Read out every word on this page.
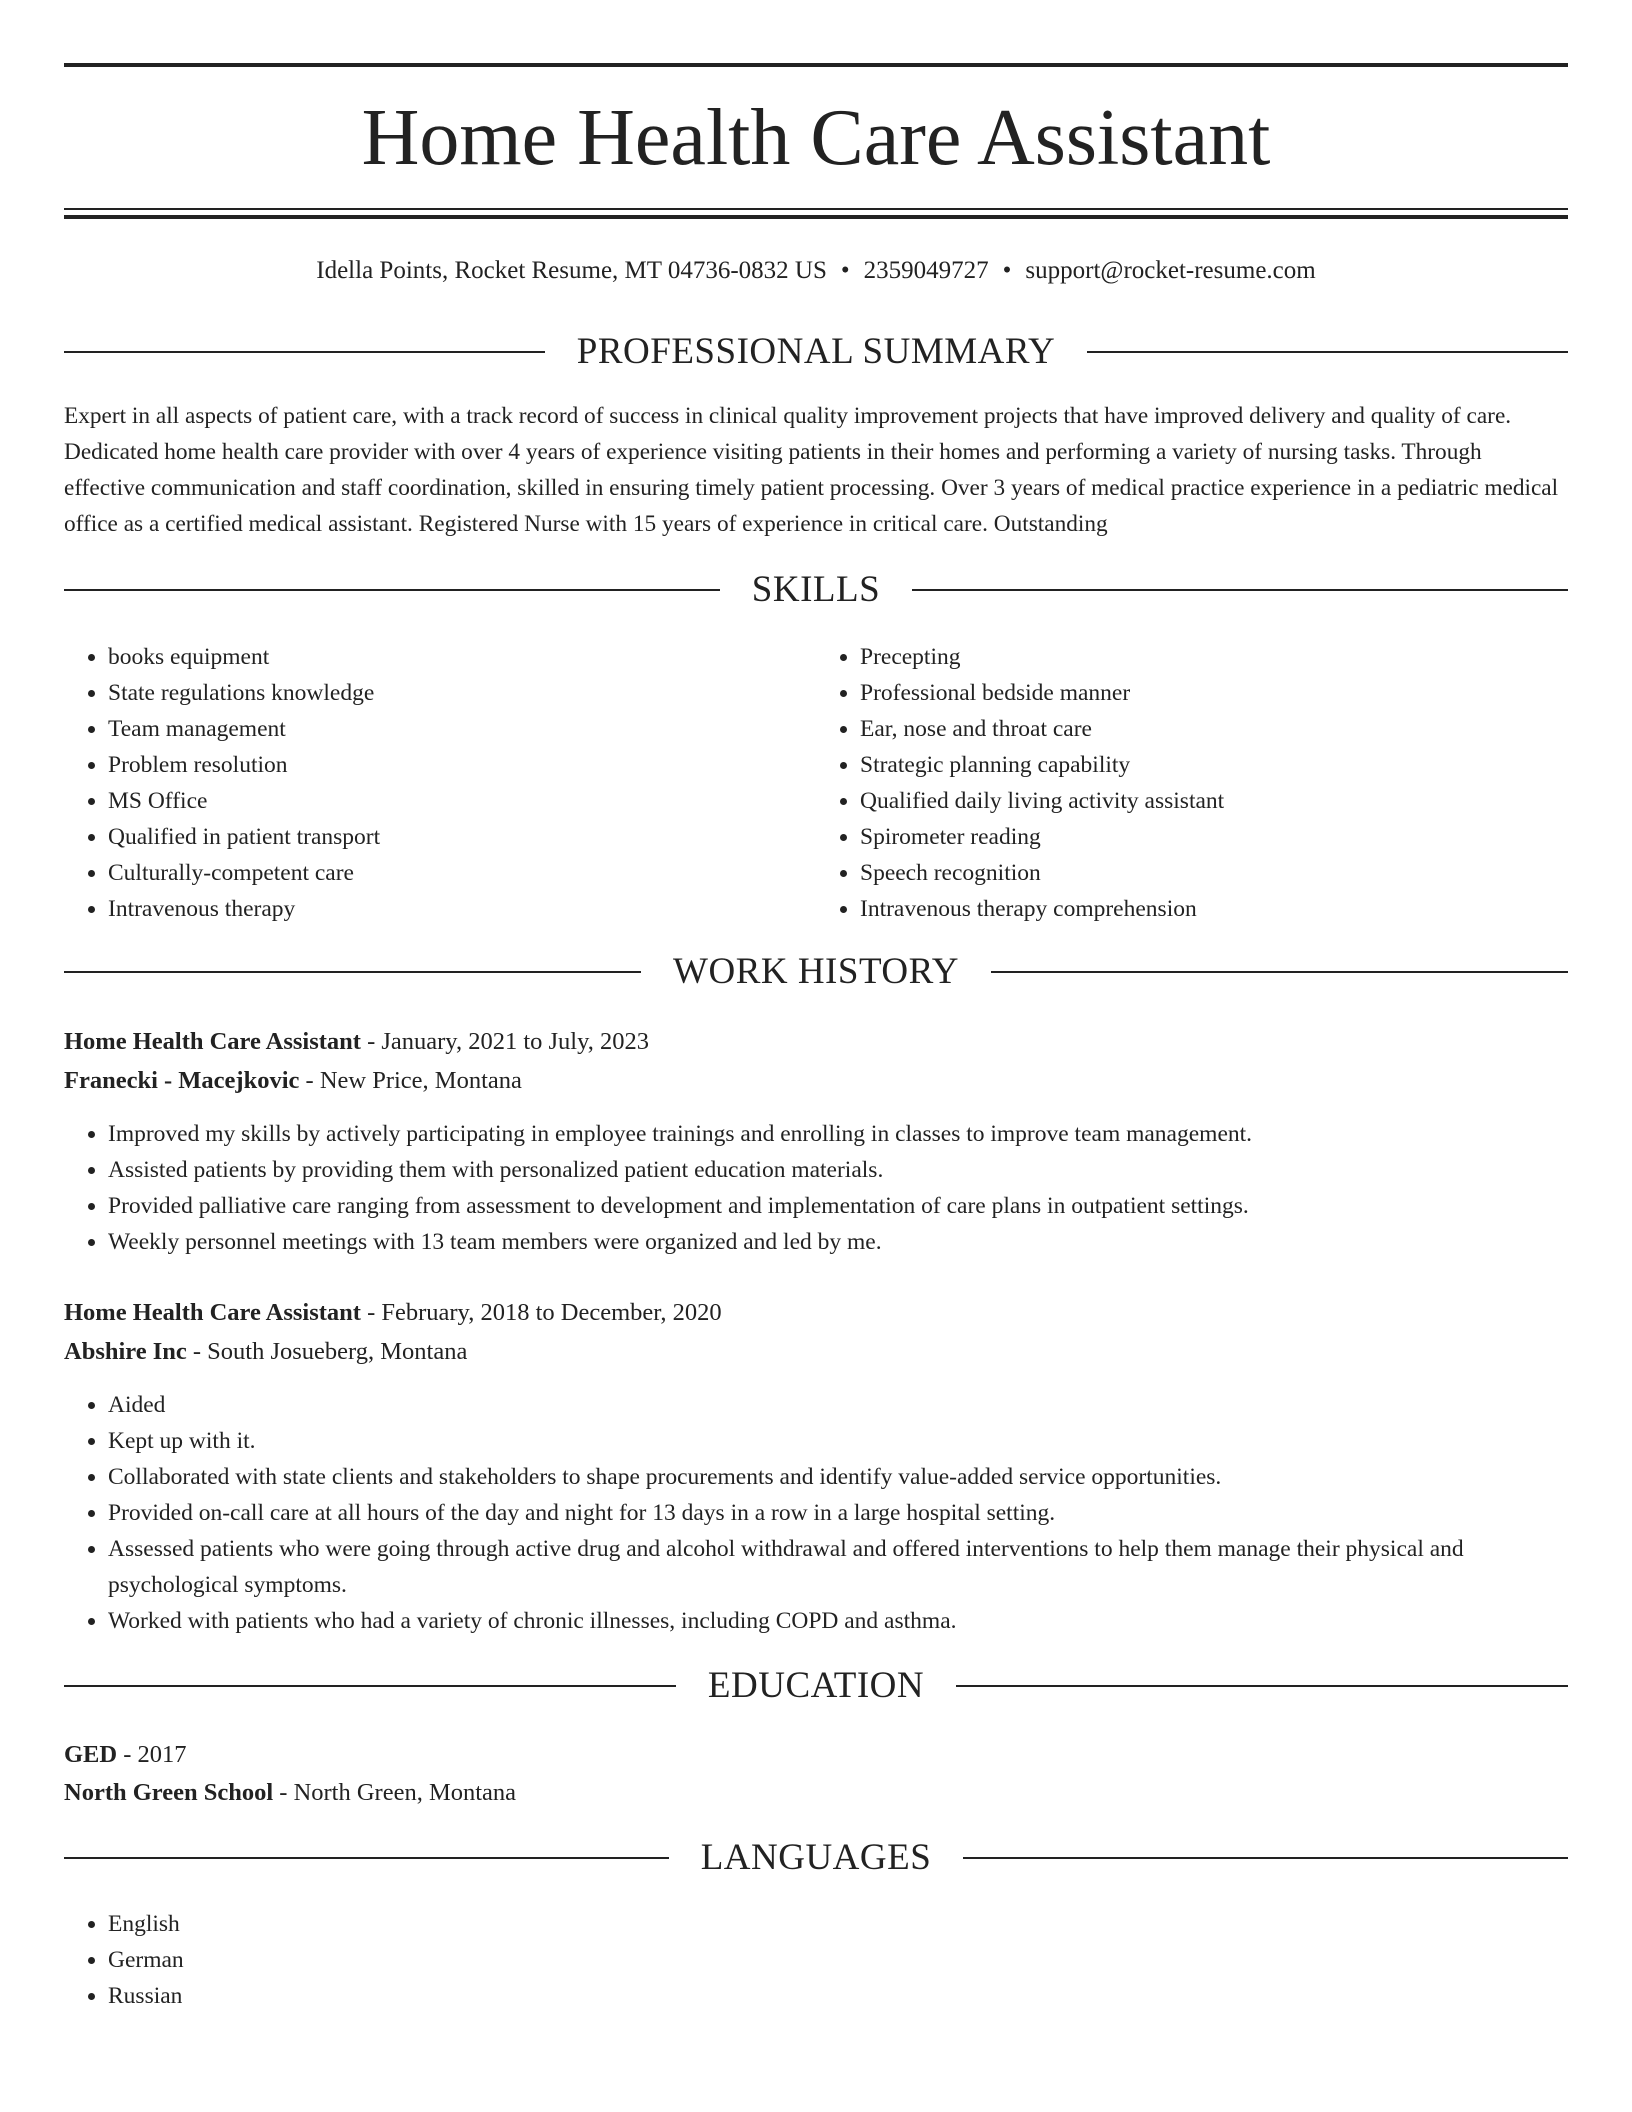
Home Health Care Assistant
Idella Points, Rocket Resume, MT 04736-0832 US • 2359049727 • support@rocket-resume.com
PROFESSIONAL SUMMARY

Expert in all aspects of patient care, with a track record of success in clinical quality improvement projects that have improved delivery and quality of care. Dedicated home health care provider with over 4 years of experience visiting patients in their homes and performing a variety of nursing tasks. Through effective communication and staff coordination, skilled in ensuring timely patient processing. Over 3 years of medical practice experience in a pediatric medical office as a certified medical assistant. Registered Nurse with 15 years of experience in critical care. Outstanding

SKILLS
• books equipment
• State regulations knowledge
• Team management
• Problem resolution
• MS Office
• Qualified in patient transport
• Culturally-competent care
• Intravenous therapy
• Precepting
• Professional bedside manner
• Ear, nose and throat care
• Strategic planning capability
• Qualified daily living activity assistant
• Spirometer reading
• Speech recognition
• Intravenous therapy comprehension
WORK HISTORY

Home Health Care Assistant - January, 2021 to July, 2023

Franecki - Macejkovic - New Price, Montana

• Improved my skills by actively participating in employee trainings and enrolling in classes to improve team management.
• Assisted patients by providing them with personalized patient education materials.
• Provided palliative care ranging from assessment to development and implementation of care plans in outpatient settings.
• Weekly personnel meetings with 13 team members were organized and led by me.

Home Health Care Assistant - February, 2018 to December, 2020

Abshire Inc - South Josueberg, Montana

• Aided
• Kept up with it.
• Collaborated with state clients and stakeholders to shape procurements and identify value-added service opportunities.
• Provided on-call care at all hours of the day and night for 13 days in a row in a large hospital setting.
• Assessed patients who were going through active drug and alcohol withdrawal and offered interventions to help them manage their physical and psychological symptoms.
• Worked with patients who had a variety of chronic illnesses, including COPD and asthma.
EDUCATION

GED - 2017

North Green School - North Green, Montana

LANGUAGES
• English
• German
• Russian
